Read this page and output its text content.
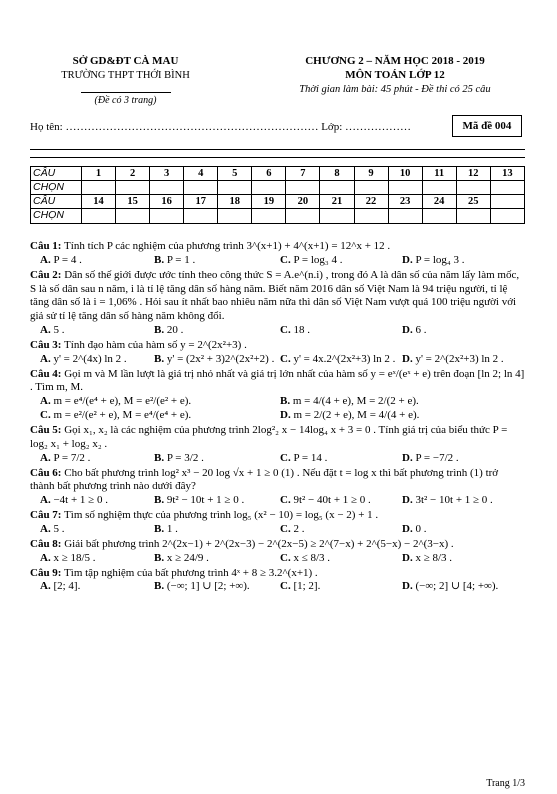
SỞ GD&ĐT CÀ MAU
TRƯỜNG THPT THỚI BÌNH
(Đề có 3 trang)
CHƯƠNG 2 – NĂM HỌC 2018 - 2019
MÔN TOÁN LỚP 12
Thời gian làm bài: 45 phút - Đề thi có 25 câu
Họ tên: …………………………………………………………… Lớp: ………………	Mã đề 004
CÂU	1	2	3	4	5	6	7	8	9	10	11	12	13
CHỌN													
CÂU	14	15	16	17	18	19	20	21	22	23	24	25	
CHỌN													

Câu 1: Tính tích P các nghiệm của phương trình 3^(x+1) + 4^(x+1) = 12^x + 12 .

A. P = 4 .	B. P = 1 .	C. P = log₃ 4 .	D. P = log₄ 3 .

Câu 2: Dân số thế giới được ước tính theo công thức S = A.e^(n.i) , trong đó A là dân số của năm lấy làm mốc, S là số dân sau n năm, i là tỉ lệ tăng dân số hàng năm. Biết năm 2016 dân số Việt Nam là 94 triệu người, tỉ lệ tăng dân số là i = 1,06% . Hỏi sau ít nhất bao nhiêu năm nữa thì dân số Việt Nam vượt quá 100 triệu người với giả sử tỉ lệ tăng dân số hàng năm không đổi.

A. 5 .	B. 20 .	C. 18 .	D. 6 .

Câu 3: Tính đạo hàm của hàm số y = 2^(2x²+3) .

A. y' = 2^(4x) ln 2 . B. y' = (2x² + 3)2^(2x²+2) . C. y' = 4x.2^(2x²+3) ln 2 . D. y' = 2^(2x²+3) ln 2 .

Câu 4: Gọi m và M lần lượt là giá trị nhỏ nhất và giá trị lớn nhất của hàm số y = eˣ/(eˣ + e) trên đoạn [ln 2; ln 4] . Tìm m, M.

A. m = e⁴/(e⁴ + e), M = e²/(e² + e).	B. m = 4/(4 + e), M = 2/(2 + e).
C. m = e²/(e² + e), M = e⁴/(e⁴ + e).	D. m = 2/(2 + e), M = 4/(4 + e).

Câu 5: Gọi x₁, x₂ là các nghiệm của phương trình 2log²₂ x − 14log₄ x + 3 = 0 . Tính giá trị của biểu thức P = log₂ x₁ + log₂ x₂ .

A. P = 7/2 .	B. P = 3/2 .	C. P = 14 .	D. P = −7/2 .

Câu 6: Cho bất phương trình log² x³ − 20 log √x + 1 ≥ 0 (1) . Nếu đặt t = log x thì bất phương trình (1) trở thành bất phương trình nào dưới đây?

A. −4t + 1 ≥ 0 .	B. 9t² − 10t + 1 ≥ 0 .	C. 9t² − 40t + 1 ≥ 0 .	D. 3t² − 10t + 1 ≥ 0 .

Câu 7: Tìm số nghiệm thực của phương trình log₅ (x² − 10) = log₅ (x − 2) + 1 .

A. 5 .	B. 1 .	C. 2 .	D. 0 .

Câu 8: Giải bất phương trình 2^(2x−1) + 2^(2x−3) − 2^(2x−5) ≥ 2^(7−x) + 2^(5−x) − 2^(3−x) .

A. x ≥ 18/5 .	B. x ≥ 24/9 .	C. x ≤ 8/3 .	D. x ≥ 8/3 .

Câu 9: Tìm tập nghiệm của bất phương trình 4ˣ + 8 ≥ 3.2^(x+1) .

A. [2; 4].	B. (−∞; 1] ∪ [2; +∞).	C. [1; 2].	D. (−∞; 2] ∪ [4; +∞).
Trang 1/3
